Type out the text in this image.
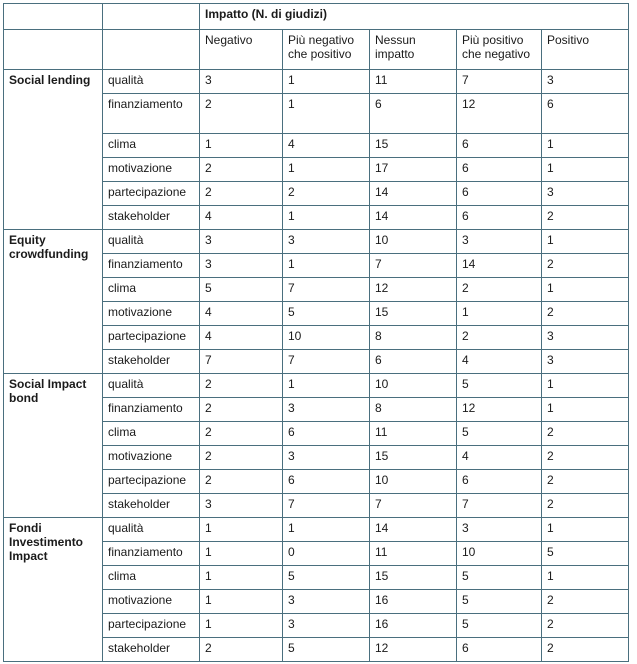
		Impatto (N. di giudizi)				
		Negativo	Più negativo che positivo	Nessun impatto	Più positivo che negativo	Positivo
Social lending	qualità	3	1	11	7	3
	finanziamento	2	1	6	12	6
	clima	1	4	15	6	1
	motivazione	2	1	17	6	1
	partecipazione	2	2	14	6	3
	stakeholder	4	1	14	6	2
Equity crowdfunding	qualità	3	3	10	3	1
	finanziamento	3	1	7	14	2
	clima	5	7	12	2	1
	motivazione	4	5	15	1	2
	partecipazione	4	10	8	2	3
	stakeholder	7	7	6	4	3
Social Impact bond	qualità	2	1	10	5	1
	finanziamento	2	3	8	12	1
	clima	2	6	11	5	2
	motivazione	2	3	15	4	2
	partecipazione	2	6	10	6	2
	stakeholder	3	7	7	7	2
Fondi Investimento Impact	qualità	1	1	14	3	1
	finanziamento	1	0	11	10	5
	clima	1	5	15	5	1
	motivazione	1	3	16	5	2
	partecipazione	1	3	16	5	2
	stakeholder	2	5	12	6	2
